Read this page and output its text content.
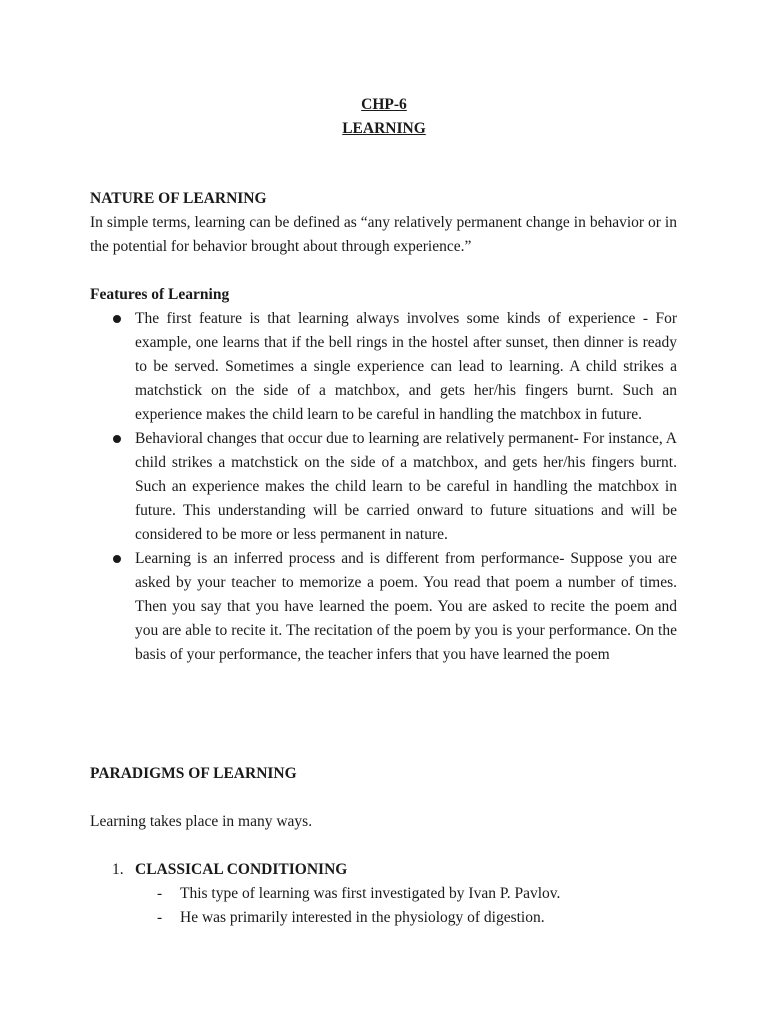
CHP-6
LEARNING
NATURE OF LEARNING
In simple terms, learning can be defined as “any relatively permanent change in behavior or in the potential for behavior brought about through experience.”
Features of Learning
The first feature is that learning always involves some kinds of experience - For example, one learns that if the bell rings in the hostel after sunset, then dinner is ready to be served. Sometimes a single experience can lead to learning. A child strikes a matchstick on the side of a matchbox, and gets her/his fingers burnt. Such an experience makes the child learn to be careful in handling the matchbox in future.
Behavioral changes that occur due to learning are relatively permanent- For instance, A child strikes a matchstick on the side of a matchbox, and gets her/his fingers burnt. Such an experience makes the child learn to be careful in handling the matchbox in future. This understanding will be carried onward to future situations and will be considered to be more or less permanent in nature.
Learning is an inferred process and is different from performance- Suppose you are asked by your teacher to memorize a poem. You read that poem a number of times. Then you say that you have learned the poem. You are asked to recite the poem and you are able to recite it. The recitation of the poem by you is your performance. On the basis of your performance, the teacher infers that you have learned the poem
PARADIGMS OF LEARNING
Learning takes place in many ways.
1. CLASSICAL CONDITIONING
- This type of learning was first investigated by Ivan P. Pavlov.
- He was primarily interested in the physiology of digestion.
